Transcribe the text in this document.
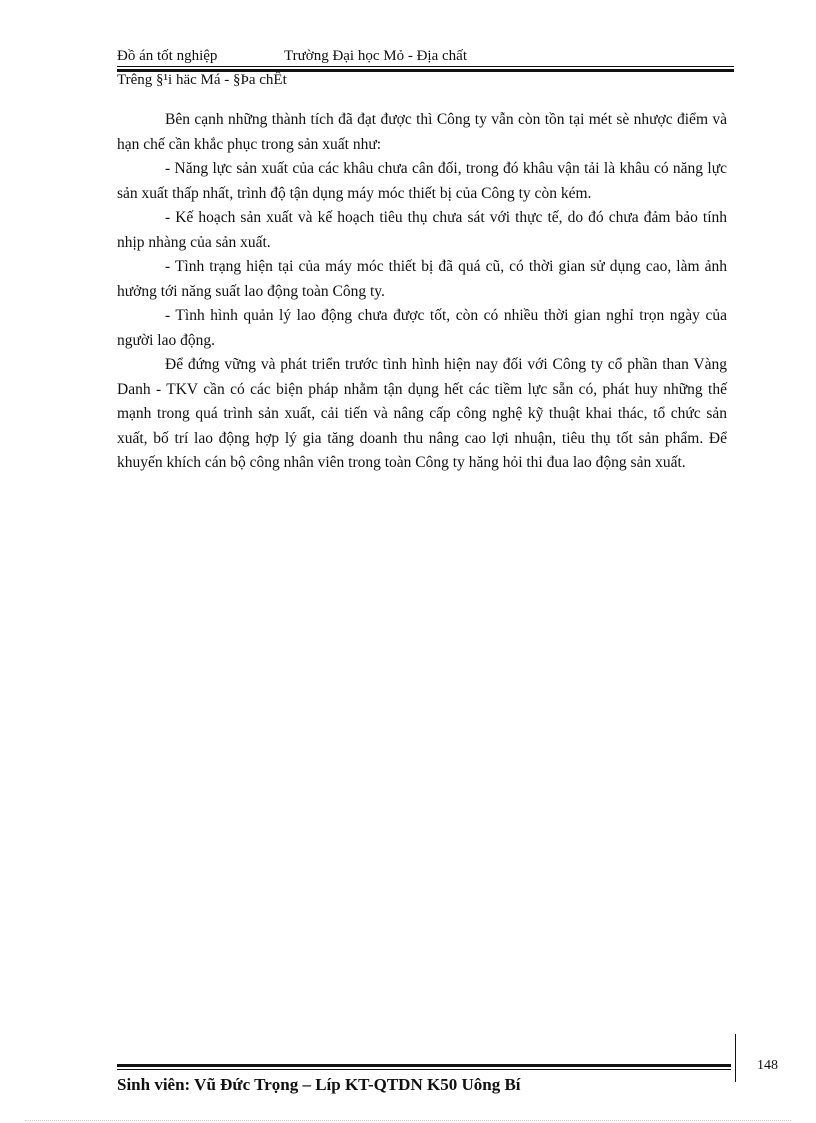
Đồ án tốt nghiệp	Trường Đại học Mỏ - Địa chất
Trêng §¹i häc Má - §Þa chÊt

Bên cạnh những thành tích đã đạt được thì Công ty vẫn còn tồn tại mét sè nhược điểm và hạn chế cần khắc phục trong sản xuất như:

- Năng lực sản xuất của các khâu chưa cân đối, trong đó khâu vận tải là khâu có năng lực sản xuất thấp nhất, trình độ tận dụng máy móc thiết bị của Công ty còn kém.

- Kế hoạch sản xuất và kế hoạch tiêu thụ chưa sát với thực tế, do đó chưa đảm bảo tính nhịp nhàng của sản xuất.

- Tình trạng hiện tại của máy móc thiết bị đã quá cũ, có thời gian sử dụng cao, làm ảnh hưởng tới năng suất lao động toàn Công ty.

- Tình hình quản lý lao động chưa được tốt, còn có nhiều thời gian nghỉ trọn ngày của người lao động.

Để đứng vững và phát triển trước tình hình hiện nay đối với Công ty cổ phần than Vàng Danh - TKV cần có các biện pháp nhằm tận dụng hết các tiềm lực sẵn có, phát huy những thế mạnh trong quá trình sản xuất, cải tiến và nâng cấp công nghệ kỹ thuật khai thác, tổ chức sản xuất, bố trí lao động hợp lý gia tăng doanh thu nâng cao lợi nhuận, tiêu thụ tốt sản phẩm. Để khuyến khích cán bộ công nhân viên trong toàn Công ty hăng hỏi thi đua lao động sản xuất.

148
Sinh viên: Vũ Đức Trọng – Líp KT-QTDN K50 Uông Bí
